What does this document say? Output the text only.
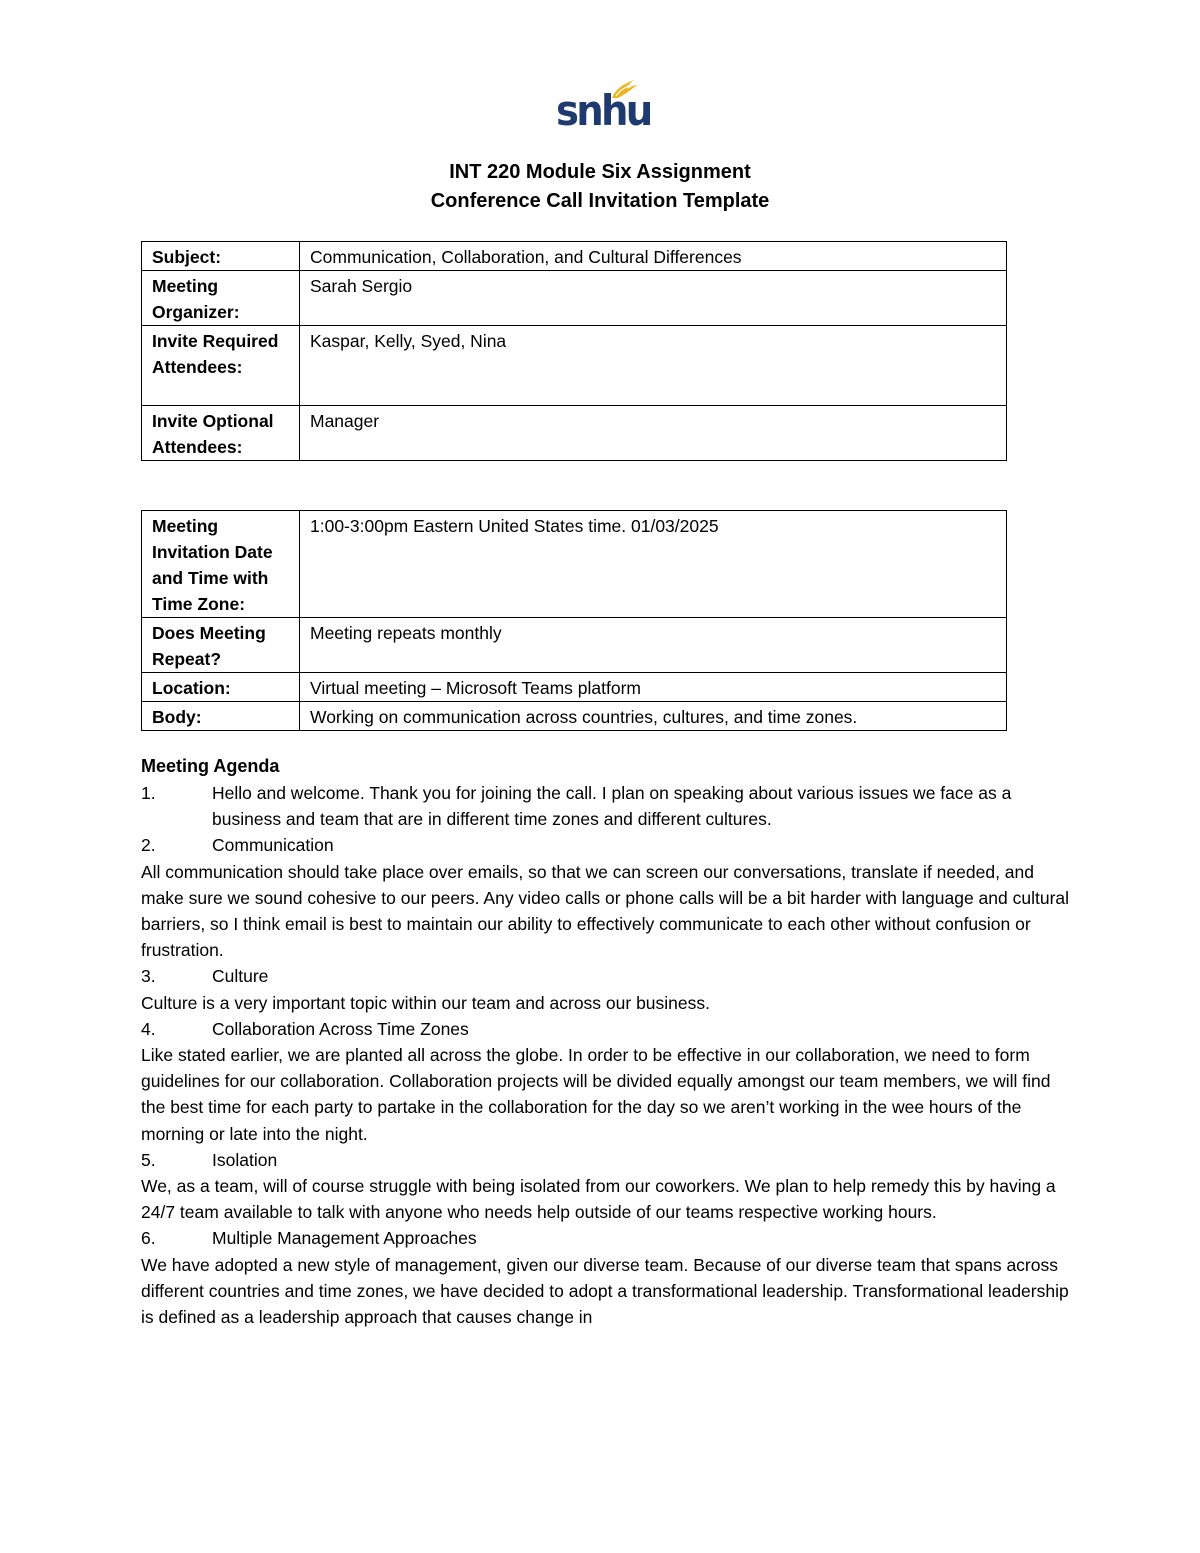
snhu
INT 220 Module Six Assignment
Conference Call Invitation Template
Subject:	Communication, Collaboration, and Cultural Differences
Meeting Organizer:	Sarah Sergio
Invite Required Attendees:	Kaspar, Kelly, Syed, Nina
Invite Optional Attendees:	Manager
Meeting Invitation Date and Time with Time Zone:	1:00-3:00pm Eastern United States time. 01/03/2025
Does Meeting Repeat?	Meeting repeats monthly
Location:	Virtual meeting – Microsoft Teams platform
Body:	Working on communication across countries, cultures, and time zones.
Meeting Agenda
1.	Hello and welcome. Thank you for joining the call. I plan on speaking about various issues we face as a business and team that are in different time zones and different cultures.
2.	Communication

All communication should take place over emails, so that we can screen our conversations, translate if needed, and make sure we sound cohesive to our peers. Any video calls or phone calls will be a bit harder with language and cultural barriers, so I think email is best to maintain our ability to effectively communicate to each other without confusion or frustration.

3.	Culture

Culture is a very important topic within our team and across our business.

4.	Collaboration Across Time Zones

Like stated earlier, we are planted all across the globe. In order to be effective in our collaboration, we need to form guidelines for our collaboration. Collaboration projects will be divided equally amongst our team members, we will find the best time for each party to partake in the collaboration for the day so we aren’t working in the wee hours of the morning or late into the night.

5.	Isolation

We, as a team, will of course struggle with being isolated from our coworkers. We plan to help remedy this by having a 24/7 team available to talk with anyone who needs help outside of our teams respective working hours.

6.	Multiple Management Approaches

We have adopted a new style of management, given our diverse team. Because of our diverse team that spans across different countries and time zones, we have decided to adopt a transformational leadership. Transformational leadership is defined as a leadership approach that causes change in
